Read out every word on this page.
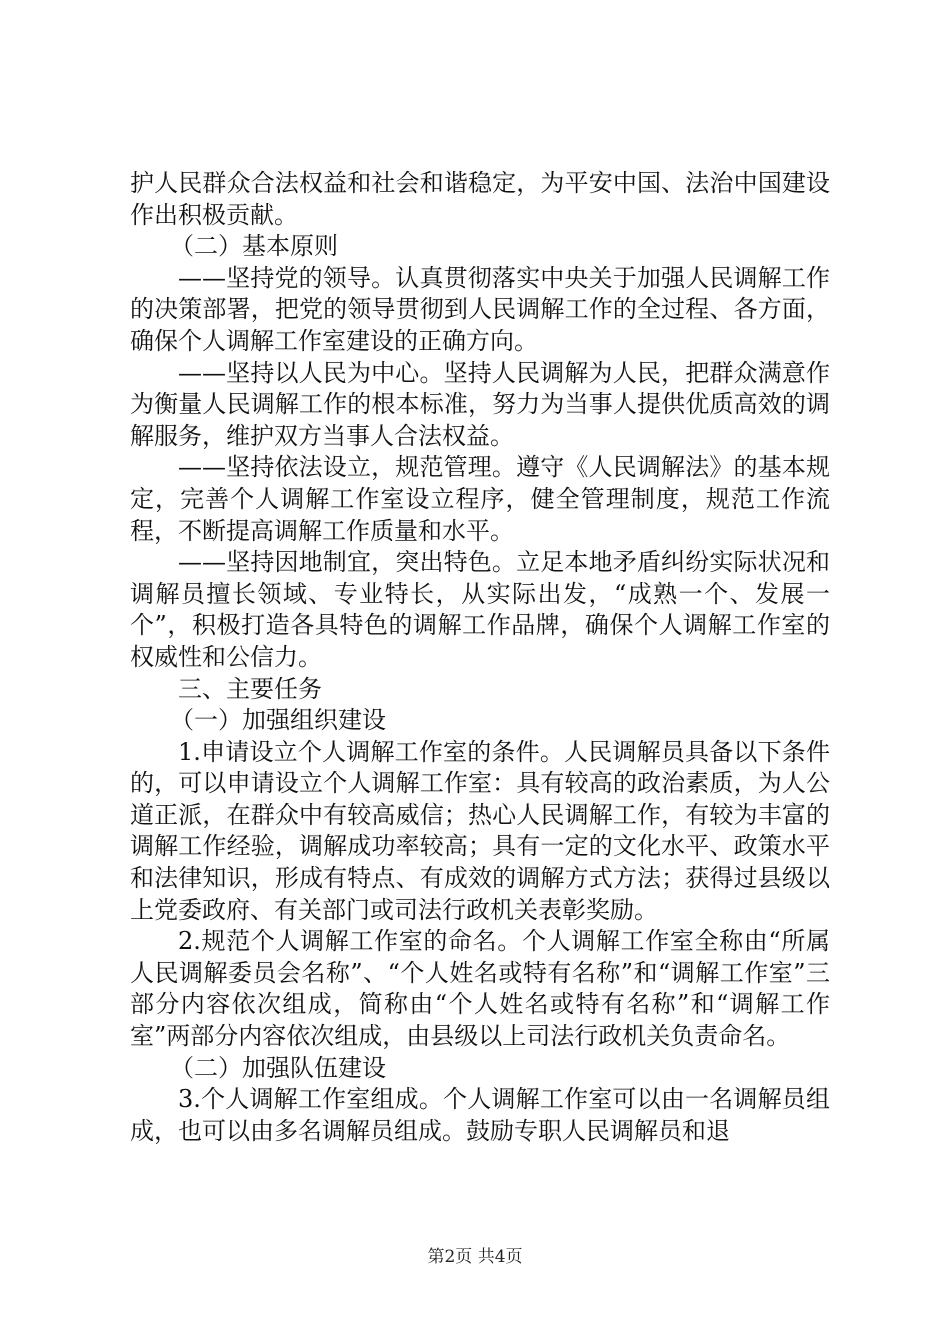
护人民群众合法权益和社会和谐稳定，为平安中国、法治中国建设作出积极贡献。

（二）基本原则

——坚持党的领导。认真贯彻落实中央关于加强人民调解工作的决策部署，把党的领导贯彻到人民调解工作的全过程、各方面，确保个人调解工作室建设的正确方向。

——坚持以人民为中心。坚持人民调解为人民，把群众满意作为衡量人民调解工作的根本标准，努力为当事人提供优质高效的调解服务，维护双方当事人合法权益。

——坚持依法设立，规范管理。遵守《人民调解法》的基本规定，完善个人调解工作室设立程序，健全管理制度，规范工作流程，不断提高调解工作质量和水平。

——坚持因地制宜，突出特色。立足本地矛盾纠纷实际状况和调解员擅长领域、专业特长，从实际出发，“成熟一个、发展一个”，积极打造各具特色的调解工作品牌，确保个人调解工作室的权威性和公信力。

三、主要任务

（一）加强组织建设

1.申请设立个人调解工作室的条件。人民调解员具备以下条件的，可以申请设立个人调解工作室：具有较高的政治素质，为人公道正派，在群众中有较高威信；热心人民调解工作，有较为丰富的调解工作经验，调解成功率较高；具有一定的文化水平、政策水平和法律知识，形成有特点、有成效的调解方式方法；获得过县级以上党委政府、有关部门或司法行政机关表彰奖励。

2.规范个人调解工作室的命名。个人调解工作室全称由“所属人民调解委员会名称”、“个人姓名或特有名称”和“调解工作室”三部分内容依次组成，简称由“个人姓名或特有名称”和“调解工作室”两部分内容依次组成，由县级以上司法行政机关负责命名。

（二）加强队伍建设

3.个人调解工作室组成。个人调解工作室可以由一名调解员组成，也可以由多名调解员组成。鼓励专职人民调解员和退

第2页 共4页
